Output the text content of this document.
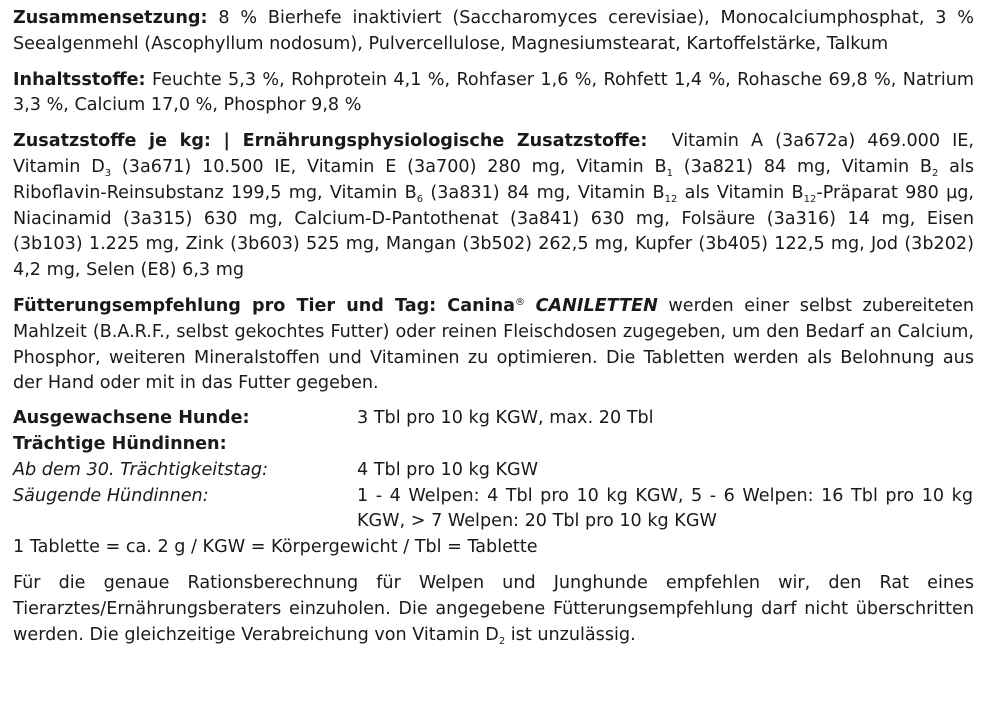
Zusammensetzung: 8 % Bierhefe inaktiviert (Saccharomyces cerevisiae), Monocalciumphosphat, 3 % Seealgenmehl (Ascophyllum nodosum), Pulvercellulose, Magnesiumstearat, Kartoffelstärke, Talkum

Inhaltsstoffe: Feuchte 5,3 %, Rohprotein 4,1 %, Rohfaser 1,6 %, Rohfett 1,4 %, Rohasche 69,8 %, Natrium 3,3 %, Calcium 17,0 %, Phosphor 9,8 %

Zusatzstoffe je kg: | Ernährungsphysiologische Zusatzstoffe: Vitamin A (3a672a) 469.000 IE, Vitamin $D_3$ (3a671) 10.500 IE, Vitamin E (3a700) 280 mg, Vitamin $B_1$ (3a821) 84 mg, Vitamin $B_2$ als Riboflavin-Reinsubstanz 199,5 mg, Vitamin $B_6$ (3a831) 84 mg, Vitamin $B_{12}$ als Vitamin $B_{12}$-Präparat 980 µg, Niacinamid (3a315) 630 mg, Calcium-D-Pantothenat (3a841) 630 mg, Folsäure (3a316) 14 mg, Eisen (3b103) 1.225 mg, Zink (3b603) 525 mg, Mangan (3b502) 262,5 mg, Kupfer (3b405) 122,5 mg, Jod (3b202) 4,2 mg, Selen (E8) 6,3 mg

Fütterungsempfehlung pro Tier und Tag: Canina® CANILETTEN werden einer selbst zubereiteten Mahlzeit (B.A.R.F., selbst gekochtes Futter) oder reinen Fleischdosen zugegeben, um den Bedarf an Calcium, Phosphor, weiteren Mineralstoffen und Vitaminen zu optimieren. Die Tabletten werden als Belohnung aus der Hand oder mit in das Futter gegeben.

Ausgewachsene Hunde:	3 Tbl pro 10 kg KGW, max. 20 Tbl
Trächtige Hündinnen:	
Ab dem 30. Trächtigkeitstag:	4 Tbl pro 10 kg KGW
Säugende Hündinnen:	1 - 4 Welpen: 4 Tbl pro 10 kg KGW, 5 - 6 Welpen: 16 Tbl pro 10 kg KGW, > 7 Welpen: 20 Tbl pro 10 kg KGW

1 Tablette = ca. 2 g / KGW = Körpergewicht / Tbl = Tablette

Für die genaue Rationsberechnung für Welpen und Junghunde empfehlen wir, den Rat eines Tierarztes/Ernährungsberaters einzuholen. Die angegebene Fütterungsempfehlung darf nicht überschritten werden. Die gleichzeitige Verabreichung von Vitamin $D_2$ ist unzulässig.
